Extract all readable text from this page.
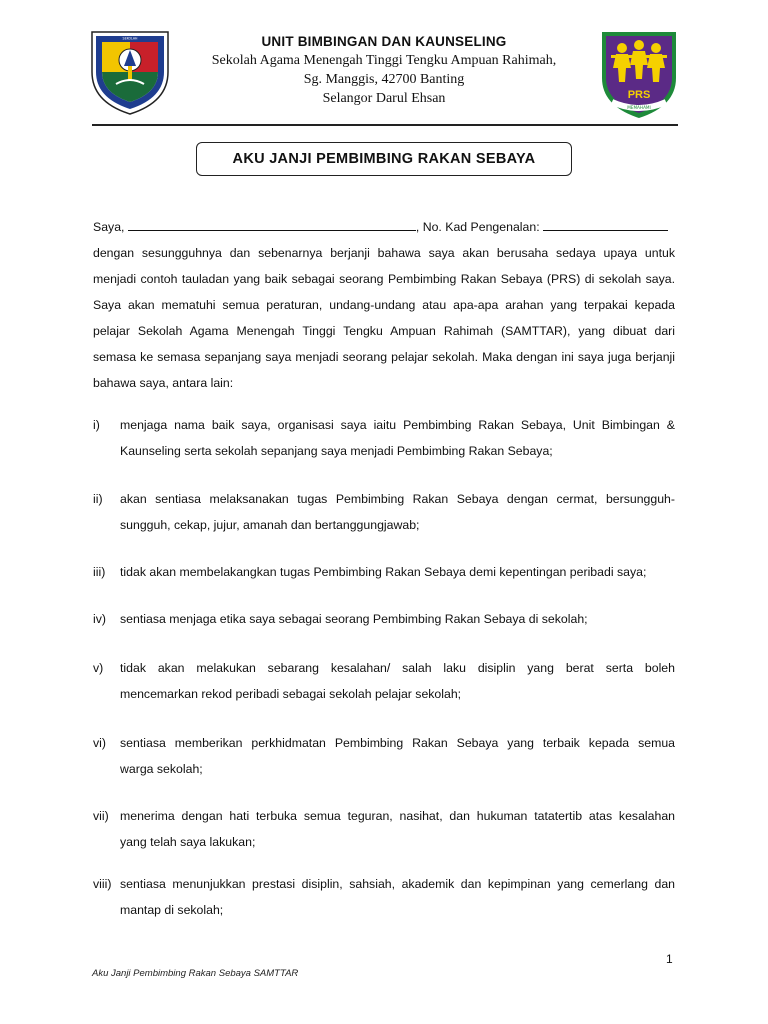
SEKOLAH	UNIT BIMBINGAN DAN KAUNSELING
Sekolah Agama Menengah Tinggi Tengku Ampuan Rahimah,
Sg. Manggis, 42700 Banting
Selangor Darul Ehsan	PRS
MEMAHAMI
AKU JANJI PEMBIMBING RAKAN SEBAYA
Saya,	, No. Kad Pengenalan:
dengan sesungguhnya dan sebenarnya berjanji bahawa saya akan berusaha sedaya upaya untuk
menjadi contoh tauladan yang baik sebagai seorang Pembimbing Rakan Sebaya (PRS) di sekolah saya.
Saya akan mematuhi semua peraturan, undang-undang atau apa-apa arahan yang terpakai kepada
pelajar Sekolah Agama Menengah Tinggi Tengku Ampuan Rahimah (SAMTTAR), yang dibuat dari
semasa ke semasa sepanjang saya menjadi seorang pelajar sekolah. Maka dengan ini saya juga berjanji
bahawa saya, antara lain:
i)	menjaga nama baik saya, organisasi saya iaitu Pembimbing Rakan Sebaya, Unit Bimbingan &
Kaunseling serta sekolah sepanjang saya menjadi Pembimbing Rakan Sebaya;
ii)	akan sentiasa melaksanakan tugas Pembimbing Rakan Sebaya dengan cermat, bersungguh-
sungguh, cekap, jujur, amanah dan bertanggungjawab;
iii)	tidak akan membelakangkan tugas Pembimbing Rakan Sebaya demi kepentingan peribadi saya;
iv)	sentiasa menjaga etika saya sebagai seorang Pembimbing Rakan Sebaya di sekolah;
v)	tidak akan melakukan sebarang kesalahan/ salah laku disiplin yang berat serta boleh
mencemarkan rekod peribadi sebagai sekolah pelajar sekolah;
vi)	sentiasa memberikan perkhidmatan Pembimbing Rakan Sebaya yang terbaik kepada semua
warga sekolah;
vii) menerima dengan hati terbuka semua teguran, nasihat, dan hukuman tatatertib atas kesalahan
yang telah saya lakukan;
viii) sentiasa menunjukkan prestasi disiplin, sahsiah, akademik dan kepimpinan yang cemerlang dan
mantap di sekolah;
1
Aku Janji Pembimbing Rakan Sebaya SAMTTAR
